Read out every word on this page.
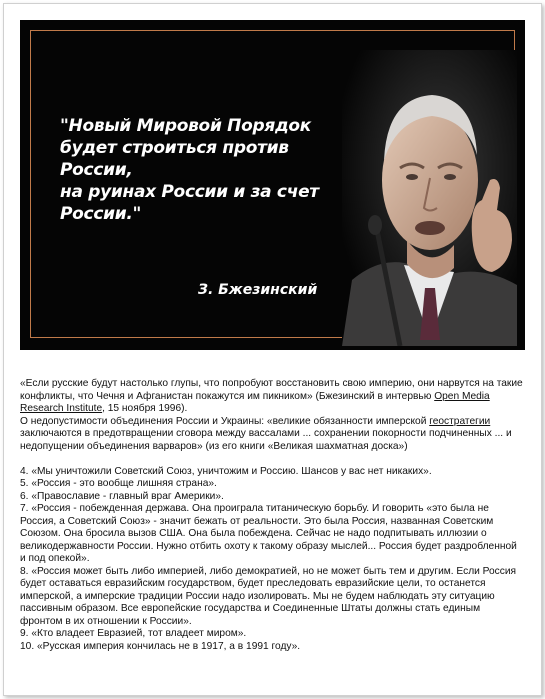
"Новый Мировой Порядок
будет строиться против России,
на руинах России и за счет
России."
З. Бжезинский

«Если русские будут настолько глупы, что попробуют восстановить свою империю, они нарвутся на такие конфликты, что Чечня и Афганистан покажутся им пикником» (Бжезинский в интервью Open Media Research Institute, 15 ноября 1996).

О недопустимости объединения России и Украины: «великие обязанности имперской геостратегии заключаются в предотвращении сговора между вассалами ... сохранении покорности подчиненных ... и недопущении объединения варваров» (из его книги «Великая шахматная доска»)

4. «Мы уничтожили Советский Союз, уничтожим и Россию. Шансов у вас нет никаких».

5. «Россия - это вообще лишняя страна».

6. «Православие - главный враг Америки».

7. «Россия - побежденная держава. Она проиграла титаническую борьбу. И говорить «это была не Россия, а Советский Союз» - значит бежать от реальности. Это была Россия, названная Советским Союзом. Она бросила вызов США. Она была побеждена. Сейчас не надо подпитывать иллюзии о великодержавности России. Нужно отбить охоту к такому образу мыслей... Россия будет раздробленной и под опекой».

8. «Россия может быть либо империей, либо демократией, но не может быть тем и другим. Если Россия будет оставаться евразийским государством, будет преследовать евразийские цели, то останется имперской, а имперские традиции России надо изолировать. Мы не будем наблюдать эту ситуацию пассивным образом. Все европейские государства и Соединенные Штаты должны стать единым фронтом в их отношении к России».

9. «Кто владеет Евразией, тот владеет миром».

10. «Русская империя кончилась не в 1917, а в 1991 году».
